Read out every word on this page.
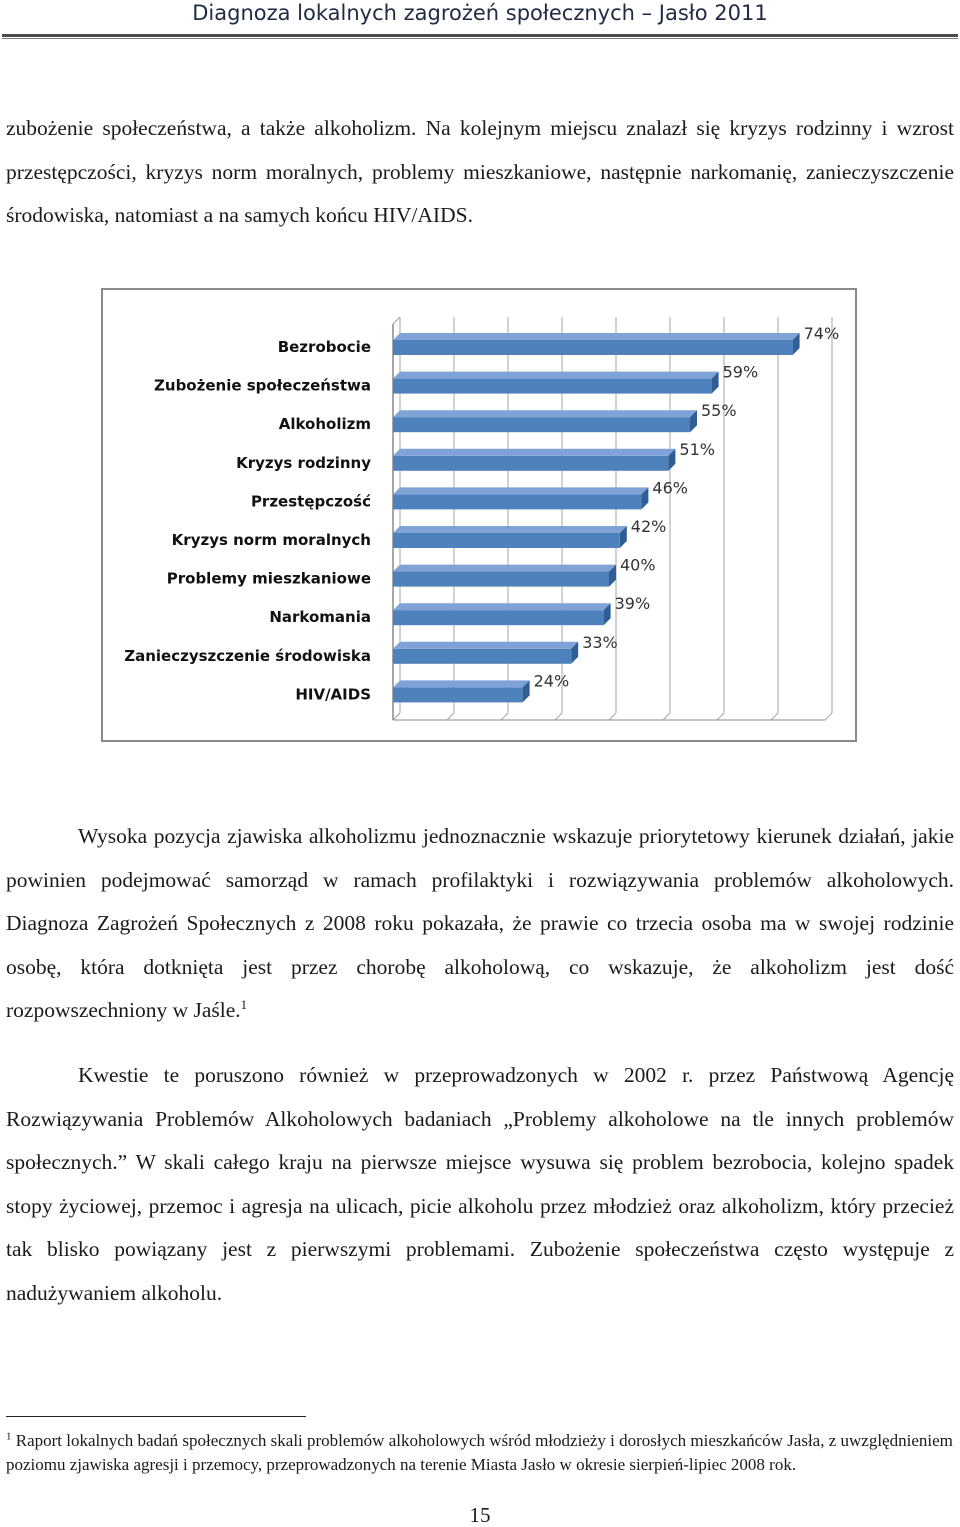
Diagnoza lokalnych zagrożeń społecznych – Jasło 2011

zubożenie społeczeństwa, a także alkoholizm. Na kolejnym miejscu znalazł się kryzys rodzinny i wzrost przestępczości, kryzys norm moralnych, problemy mieszkaniowe, następnie narkomanię, zanieczyszczenie środowiska, natomiast a na samych końcu HIV/AIDS.

Bezrobocie
74%
Zubożenie społeczeństwa
59%
Alkoholizm
55%
Kryzys rodzinny
51%
Przestępczość
46%
Kryzys norm moralnych
42%
Problemy mieszkaniowe
40%
Narkomania
39%
Zanieczyszczenie środowiska
33%
HIV/AIDS
24%

Wysoka pozycja zjawiska alkoholizmu jednoznacznie wskazuje priorytetowy kierunek działań, jakie powinien podejmować samorząd w ramach profilaktyki i rozwiązywania problemów alkoholowych. Diagnoza Zagrożeń Społecznych z 2008 roku pokazała, że prawie co trzecia osoba ma w swojej rodzinie osobę, która dotknięta jest przez chorobę alkoholową, co wskazuje, że alkoholizm jest dość rozpowszechniony w Jaśle.$^1$

Kwestie te poruszono również w przeprowadzonych w 2002 r. przez Państwową Agencję Rozwiązywania Problemów Alkoholowych badaniach „Problemy alkoholowe na tle innych problemów społecznych.” W skali całego kraju na pierwsze miejsce wysuwa się problem bezrobocia, kolejno spadek stopy życiowej, przemoc i agresja na ulicach, picie alkoholu przez młodzież oraz alkoholizm, który przecież tak blisko powiązany jest z pierwszymi problemami. Zubożenie społeczeństwa często występuje z nadużywaniem alkoholu.

$^1$ Raport lokalnych badań społecznych skali problemów alkoholowych wśród młodzieży i dorosłych mieszkańców Jasła, z uwzględnieniem poziomu zjawiska agresji i przemocy, przeprowadzonych na terenie Miasta Jasło w okresie sierpień-lipiec 2008 rok.

15
